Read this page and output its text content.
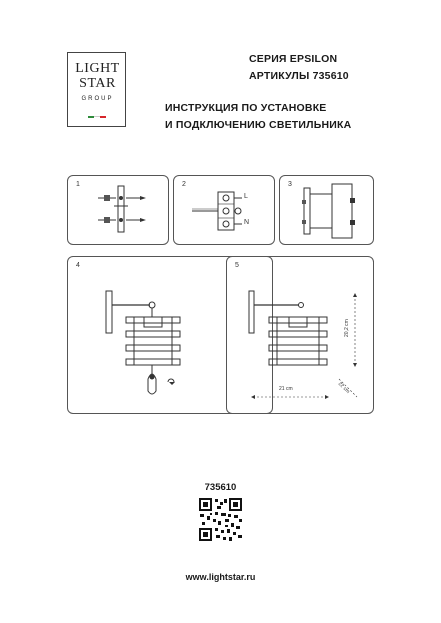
LIGHT
STAR
GROUP
СЕРИЯ EPSILON
АРТИКУЛЫ 735610
ИНСТРУКЦИЯ ПО УСТАНОВКЕ
И ПОДКЛЮЧЕНИЮ СВЕТИЛЬНИКА
1	2
L
N
3
4	5
20,2 cm
21 cm	22 cm
735610
www.lightstar.ru
